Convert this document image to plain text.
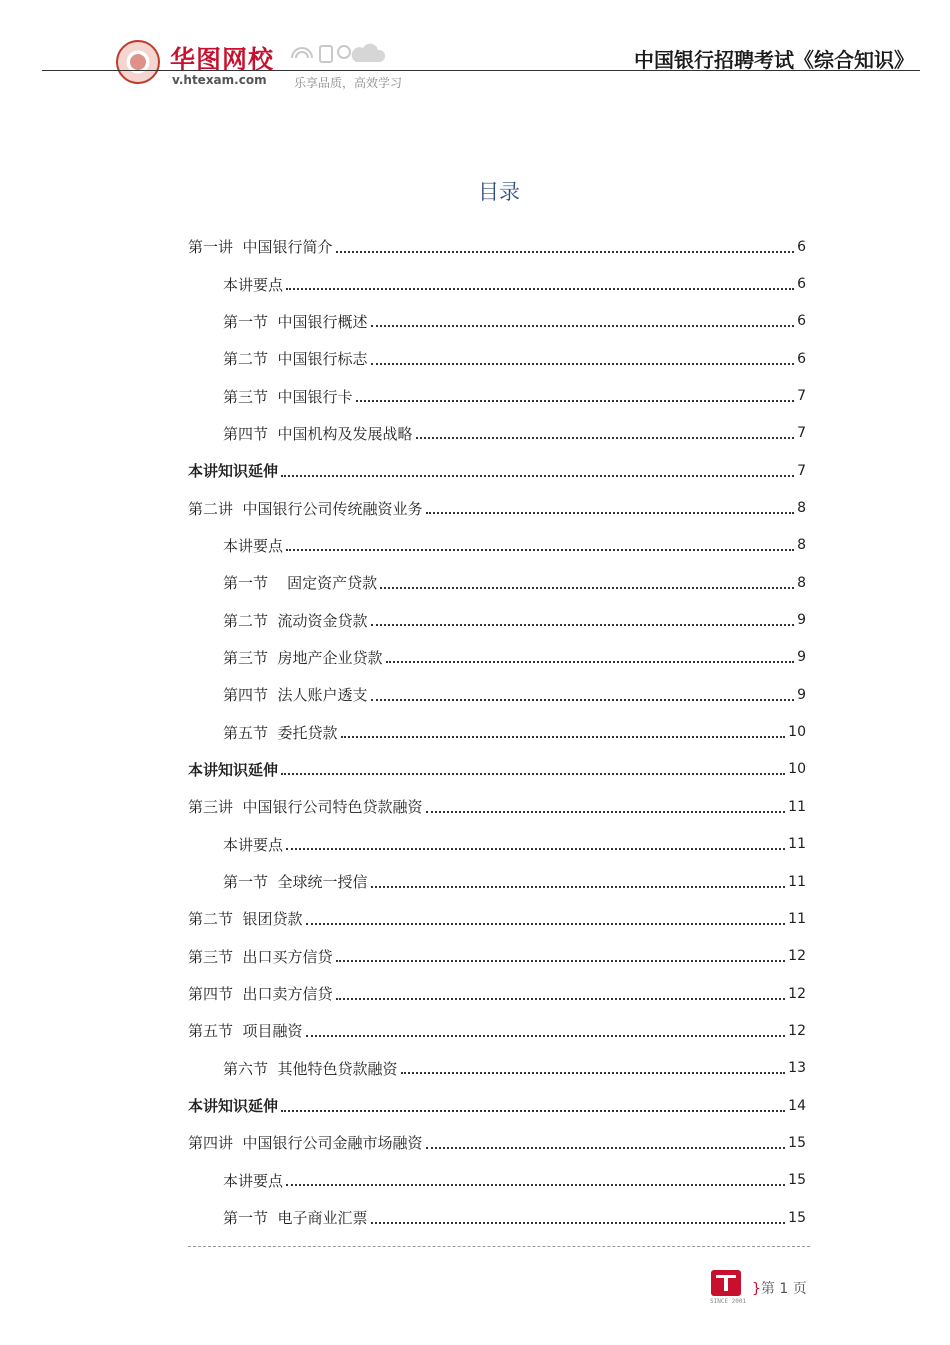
华图网校
v.htexam.com 乐享品质，高效学习
中国银行招聘考试《综合知识》
目录
第一讲  中国银行简介	6
本讲要点	6
第一节  中国银行概述	6
第二节  中国银行标志	6
第三节  中国银行卡	7
第四节  中国机构及发展战略	7
本讲知识延伸	7
第二讲  中国银行公司传统融资业务	8
本讲要点	8
第一节    固定资产贷款	8
第二节  流动资金贷款	9
第三节  房地产企业贷款	9
第四节  法人账户透支	9
第五节  委托贷款	10
本讲知识延伸	10
第三讲  中国银行公司特色贷款融资	11
本讲要点	11
第一节  全球统一授信	11
第二节  银团贷款	11
第三节  出口买方信贷	12
第四节  出口卖方信贷	12
第五节  项目融资	12
第六节  其他特色贷款融资	13
本讲知识延伸	14
第四讲  中国银行公司金融市场融资	15
本讲要点	15
第一节  电子商业汇票	15
SINCE 2001
}第 1 页
